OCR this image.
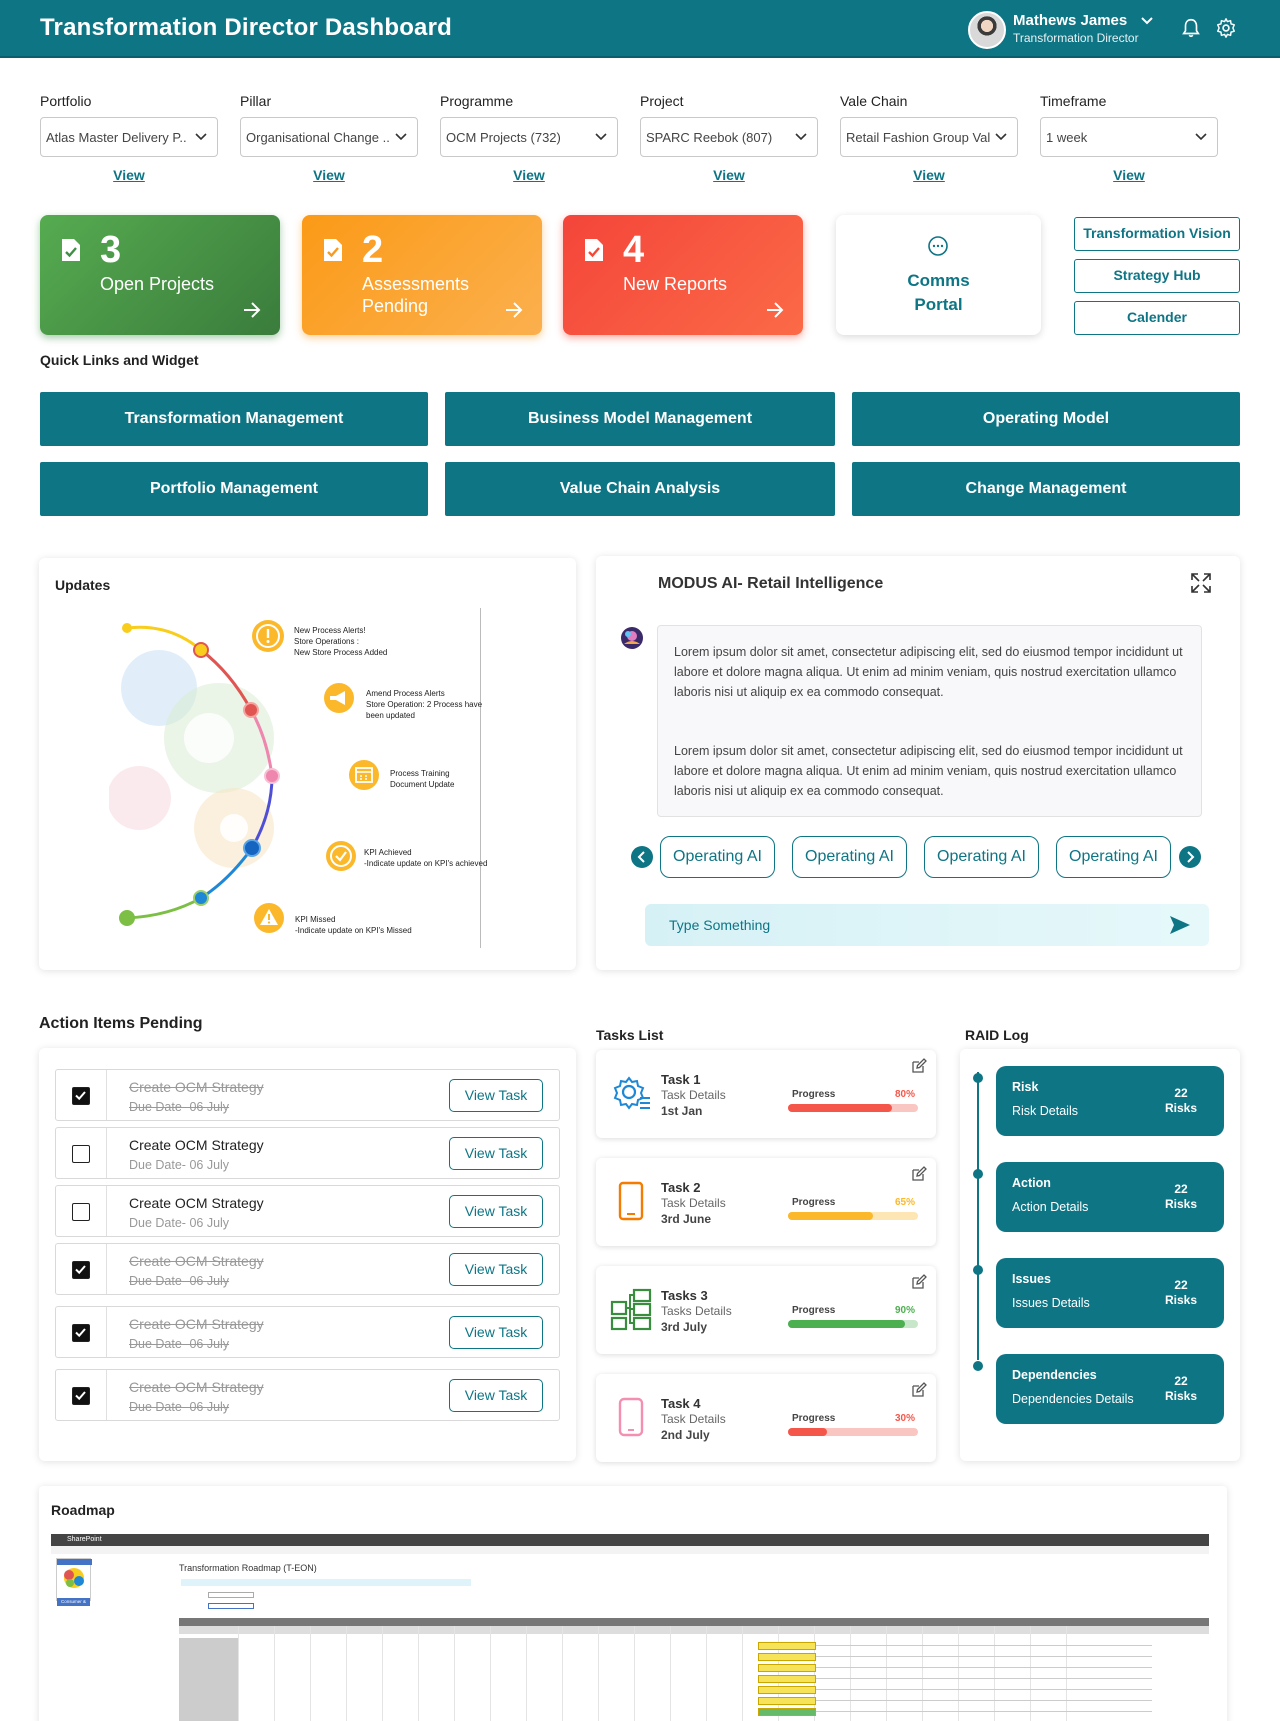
Transformation Director Dashboard	Mathews James
Transformation Director
Portfolio
Atlas Master Delivery P..
View
Pillar
Organisational Change ..
View
Programme
OCM Projects (732)
View
Project
SPARC Reebok (807)
View
Vale Chain
Retail Fashion Group Val
View
Timeframe
1 week
View
3
Open Projects
2
Assessments Pending
4
New Reports	Comms
Portal
Transformation Vision
Strategy Hub
Calender
Quick Links and Widget
Transformation Management	Business Model Management	Operating Model
Portfolio Management	Value Chain Analysis	Change Management
Updates
New Process Alerts!
Store Operations :
New Store Process Added
Amend Process Alerts
Store Operation: 2 Process have
been updated
Process Training
Document Update
KPI Achieved
-Indicate update on KPI's achieved
KPI Missed
-Indicate update on KPI's Missed
MODUS AI- Retail Intelligence

Lorem ipsum dolor sit amet, consectetur adipiscing elit, sed do eiusmod tempor incididunt ut labore et dolore magna aliqua. Ut enim ad minim veniam, quis nostrud exercitation ullamco laboris nisi ut aliquip ex ea commodo consequat.

Lorem ipsum dolor sit amet, consectetur adipiscing elit, sed do eiusmod tempor incididunt ut labore et dolore magna aliqua. Ut enim ad minim veniam, quis nostrud exercitation ullamco laboris nisi ut aliquip ex ea commodo consequat.

Operating AI	Operating AI	Operating AI	Operating AI
Type Something
Action Items Pending
Create OCM Strategy
Due Date- 06 July
View Task
Create OCM Strategy
Due Date- 06 July
View Task
Create OCM Strategy
Due Date- 06 July
View Task
Create OCM Strategy
Due Date- 06 July
View Task
Create OCM Strategy
Due Date- 06 July
View Task
Create OCM Strategy
Due Date- 06 July
View Task
Tasks List
Task 1
Task Details
1st Jan
Progress	80%
Task 2
Task Details
3rd June
Progress	65%
Tasks 3
Tasks Details
3rd July
Progress	90%
Task 4
Task Details
2nd July
Progress	30%
RAID Log
Risk
Risk Details
22
Risks
Action
Action Details
22
Risks
Issues
Issues Details
22
Risks
Dependencies
Dependencies Details
22
Risks
Roadmap
SharePoint
Consumer & Retail
Transformation Roadmap (T-EON)
